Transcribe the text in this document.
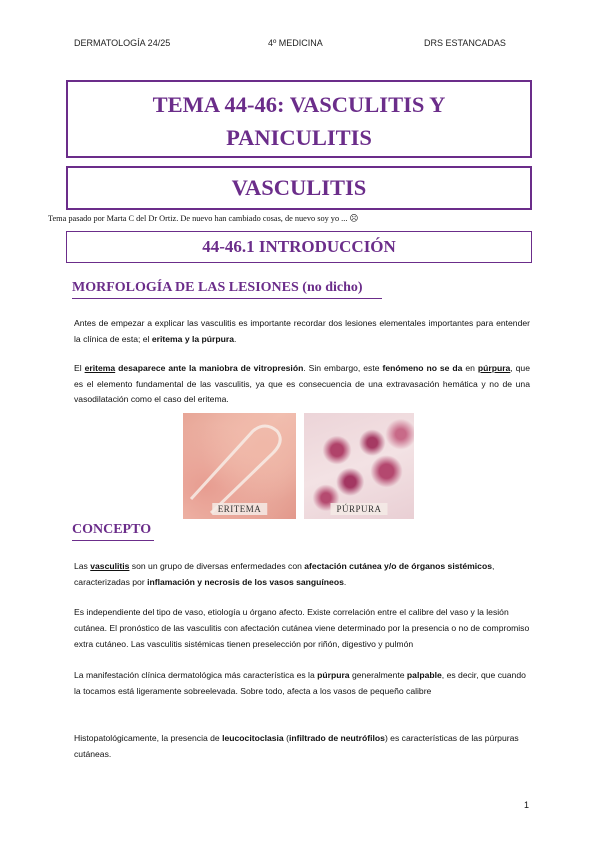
DERMATOLOGÍA 24/25	4º MEDICINA	DRS ESTANCADAS
TEMA 44-46: VASCULITIS Y
PANICULITIS
VASCULITIS
Tema pasado por Marta C del Dr Ortiz. De nuevo han cambiado cosas, de nuevo soy yo ... ☹
44-46.1 INTRODUCCIÓN
MORFOLOGÍA DE LAS LESIONES (no dicho)
Antes de empezar a explicar las vasculitis es importante recordar dos lesiones elementales importantes para entender la clínica de esta; el eritema y la púrpura.
El eritema desaparece ante la maniobra de vitropresión. Sin embargo, este fenómeno no se da en púrpura, que es el elemento fundamental de las vasculitis, ya que es consecuencia de una extravasación hemática y no de una vasodilatación como el caso del eritema.
ERITEMA	PÚRPURA
CONCEPTO
Las vasculitis son un grupo de diversas enfermedades con afectación cutánea y/o de órganos sistémicos, caracterizadas por inflamación y necrosis de los vasos sanguíneos.
Es independiente del tipo de vaso, etiología u órgano afecto. Existe correlación entre el calibre del vaso y la lesión cutánea. El pronóstico de las vasculitis con afectación cutánea viene determinado por la presencia o no de compromiso extra cutáneo. Las vasculitis sistémicas tienen preselección por riñón, digestivo y pulmón
La manifestación clínica dermatológica más característica es la púrpura generalmente palpable, es decir, que cuando la tocamos está ligeramente sobreelevada. Sobre todo, afecta a los vasos de pequeño calibre
Histopatológicamente, la presencia de leucocitoclasia (infiltrado de neutrófilos) es características de las púrpuras cutáneas.
1
